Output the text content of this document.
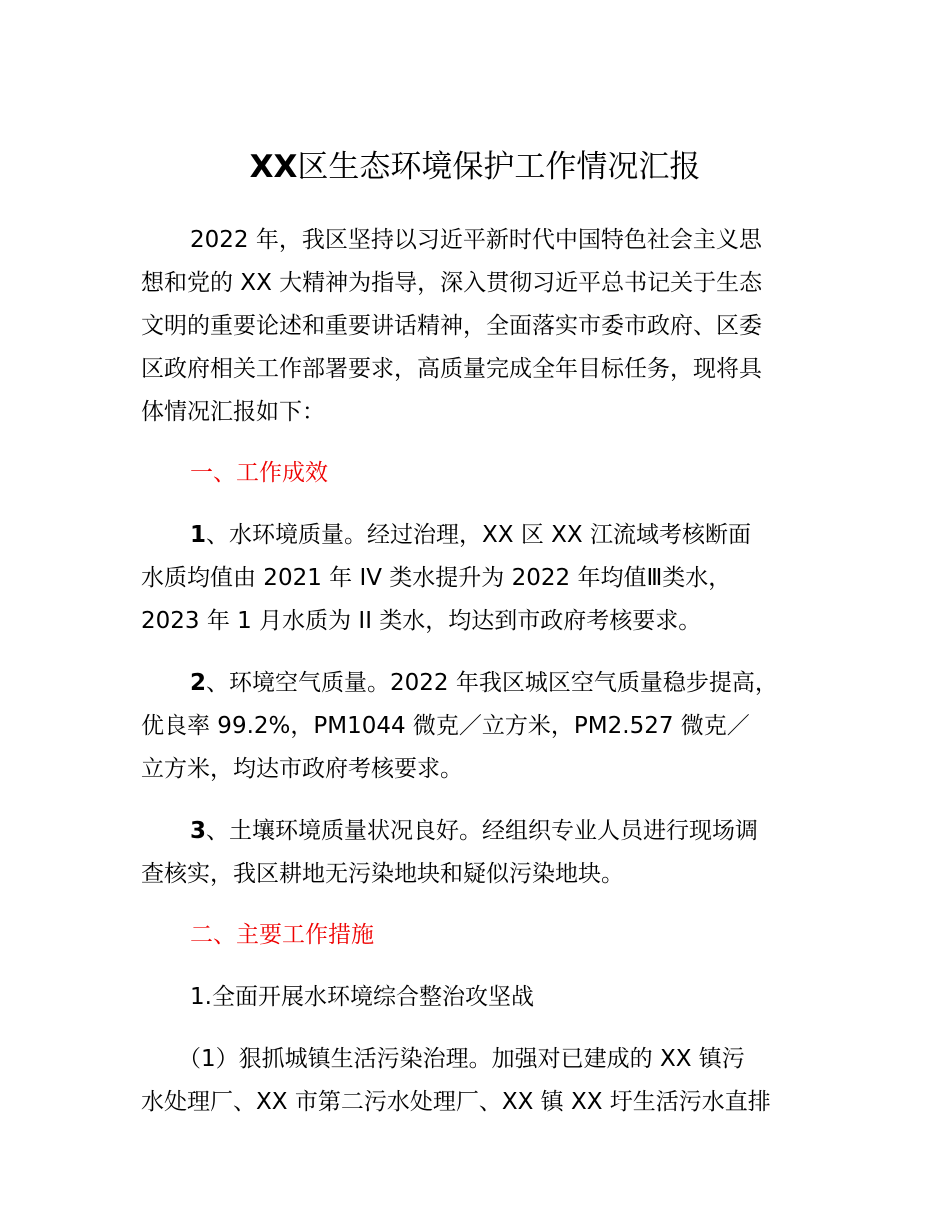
XX区生态环境保护工作情况汇报
2022 年，我区坚持以习近平新时代中国特色社会主义思
想和党的 XX 大精神为指导，深入贯彻习近平总书记关于生态
文明的重要论述和重要讲话精神，全面落实市委市政府、区委
区政府相关工作部署要求，高质量完成全年目标任务，现将具
体情况汇报如下：
一、工作成效
1、水环境质量。经过治理，XX 区 XX 江流域考核断面
水质均值由 2021 年 IV 类水提升为 2022 年均值Ⅲ类水，
2023 年 1 月水质为 II 类水，均达到市政府考核要求。
2、环境空气质量。2022 年我区城区空气质量稳步提高，
优良率 99.2%，PM1044 微克／立方米，PM2.527 微克／
立方米，均达市政府考核要求。
3、土壤环境质量状况良好。经组织专业人员进行现场调
查核实，我区耕地无污染地块和疑似污染地块。
二、主要工作措施
1.全面开展水环境综合整治攻坚战
（1）狠抓城镇生活污染治理。加强对已建成的 XX 镇污
水处理厂、XX 市第二污水处理厂、XX 镇 XX 圩生活污水直排
